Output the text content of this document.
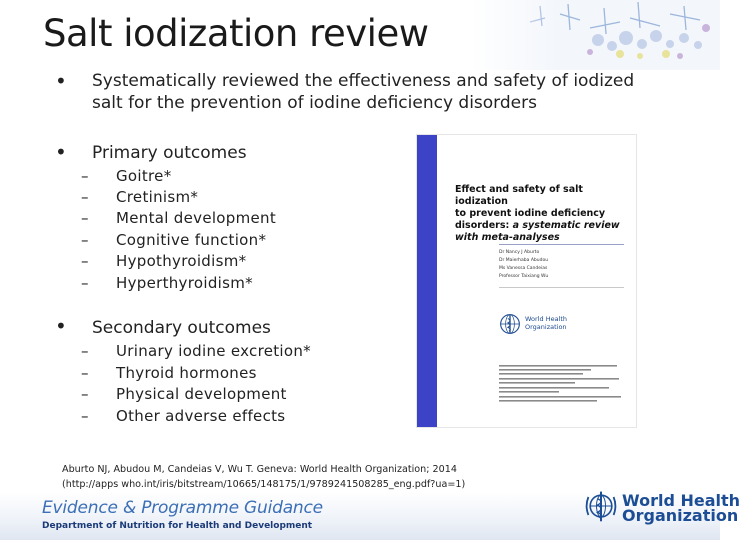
Salt iodization review
• Systematically reviewed the effectiveness and safety of iodized
salt for the prevention of iodine deficiency disorders
• Primary outcomes
– Goitre*
– Cretinism*
– Mental development
– Cognitive function*
– Hypothyroidism*
– Hyperthyroidism*
• Secondary outcomes
– Urinary iodine excretion*
– Thyroid hormones
– Physical development
– Other adverse effects
Effect and safety of salt iodization
to prevent iodine deficiency
disorders: a systematic review
with meta-analyses
Dr Nancy J Aburto
Dr Maierhaba Abudou
Ms Vanessa Candeias
Professor Taixiang Wu
World Health
Organization
Aburto NJ, Abudou M, Candeias V, Wu T. Geneva: World Health Organization; 2014
(http://apps who.int/iris/bitstream/10665/148175/1/9789241508285_eng.pdf?ua=1)
Evidence & Programme Guidance
Department of Nutrition for Health and Development
World Health
Organization
